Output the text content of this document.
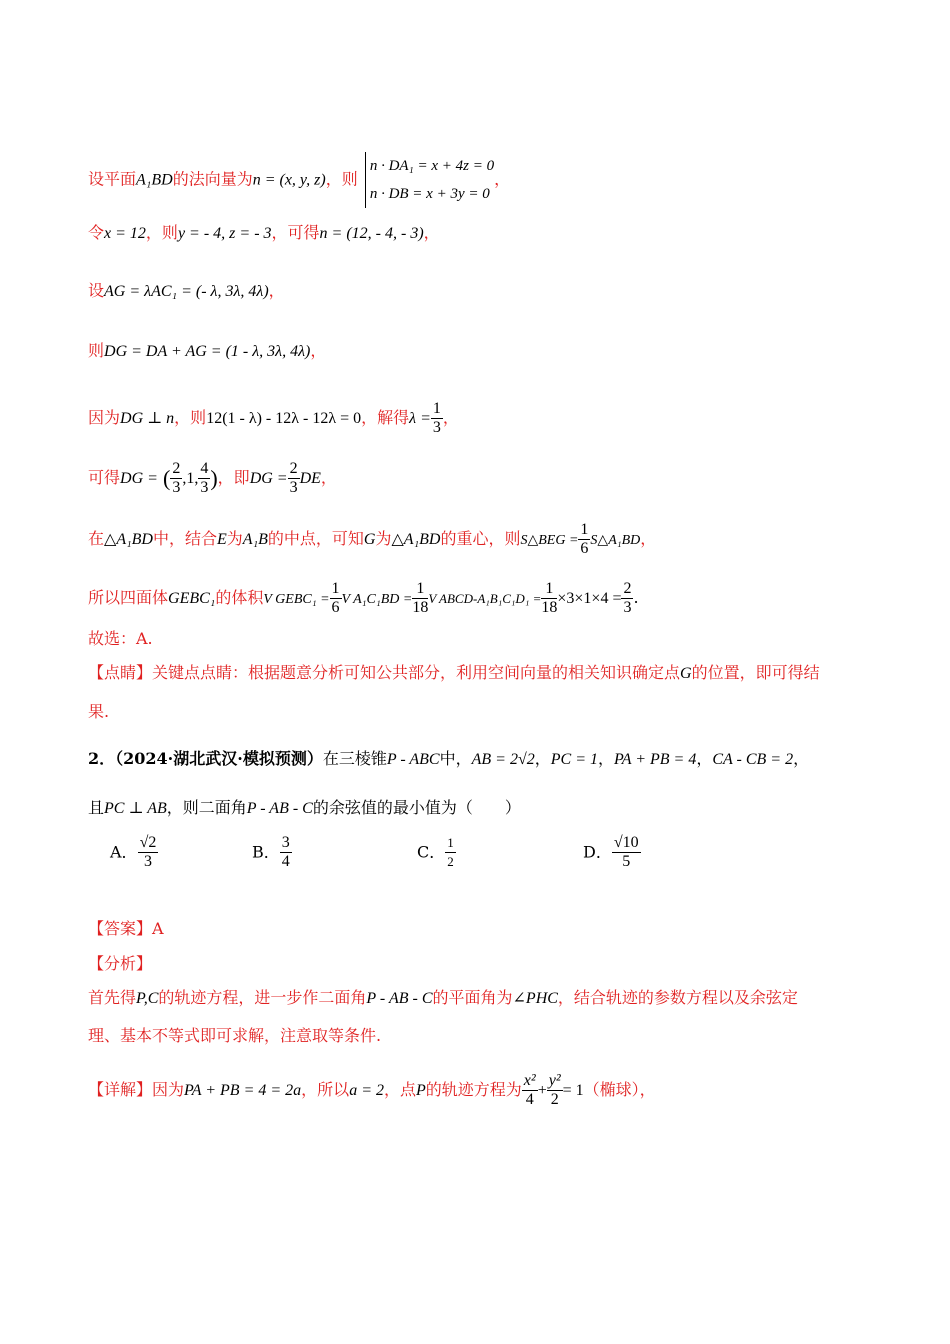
设平面A₁BD的法向量为n = (x, y, z)，则
n · DA₁ = x + 4z = 0
n · DB = x + 3y = 0
，
令x = 12，则y = - 4, z = - 3，可得n = (12, - 4, - 3)，
设AG = λAC₁ = (- λ, 3λ, 4λ)，
则DG = DA + AG = (1 - λ, 3λ, 4λ)，
因为DG ⊥ n，则12(1 - λ) - 12λ - 12λ = 0，解得$\lambda = \frac{1}{3}$ ，
可得DG = ( $\frac{2}{3} ,1$, $\frac{4}{3}$ )，即DG = $\frac{2}{3}$ DE，
在△A₁BD中，结合E为A₁B的中点，可知G为△A₁BD的重心，则S△BEG = $\frac{1}{6}$ S△A₁BD，
所以四面体GEBC₁的体积V GEBC₁ = $\frac{1}{6}$ V $A_1C_1BD = \frac{1}{18}$ V ABCD-A₁B₁C₁D₁ = $\frac{1}{18} \times 3\times 1\times 4 = \frac{2}{3}$ .
故选：A.
【点睛】关键点点睛：根据题意分析可知公共部分，利用空间向量的相关知识确定点G的位置，即可得结
果.
2．（2024·湖北武汉·模拟预测）在三棱锥P - ABC中，AB = 2√2，PC = 1，PA + PB = 4，CA - CB = 2，
且PC ⊥ AB，则二面角P - AB - C的余弦值的最小值为（　　）
A． $\frac{√2}{3}$	B． $\frac{3}{4}$	C． $\frac{1}{2}$	D． $\frac{√10}{5}$
【答案】A
【分析】
首先得P,C的轨迹方程，进一步作二面角P - AB - C的平面角为∠PHC，结合轨迹的参数方程以及余弦定
理、基本不等式即可求解，注意取等条件.
【详解】因为PA + PB = 4 = 2a，所以a = 2，点P的轨迹方程为 $\frac{\text{x²}}{4} + \frac{\text{y²}}{2} = 1$（椭球），
